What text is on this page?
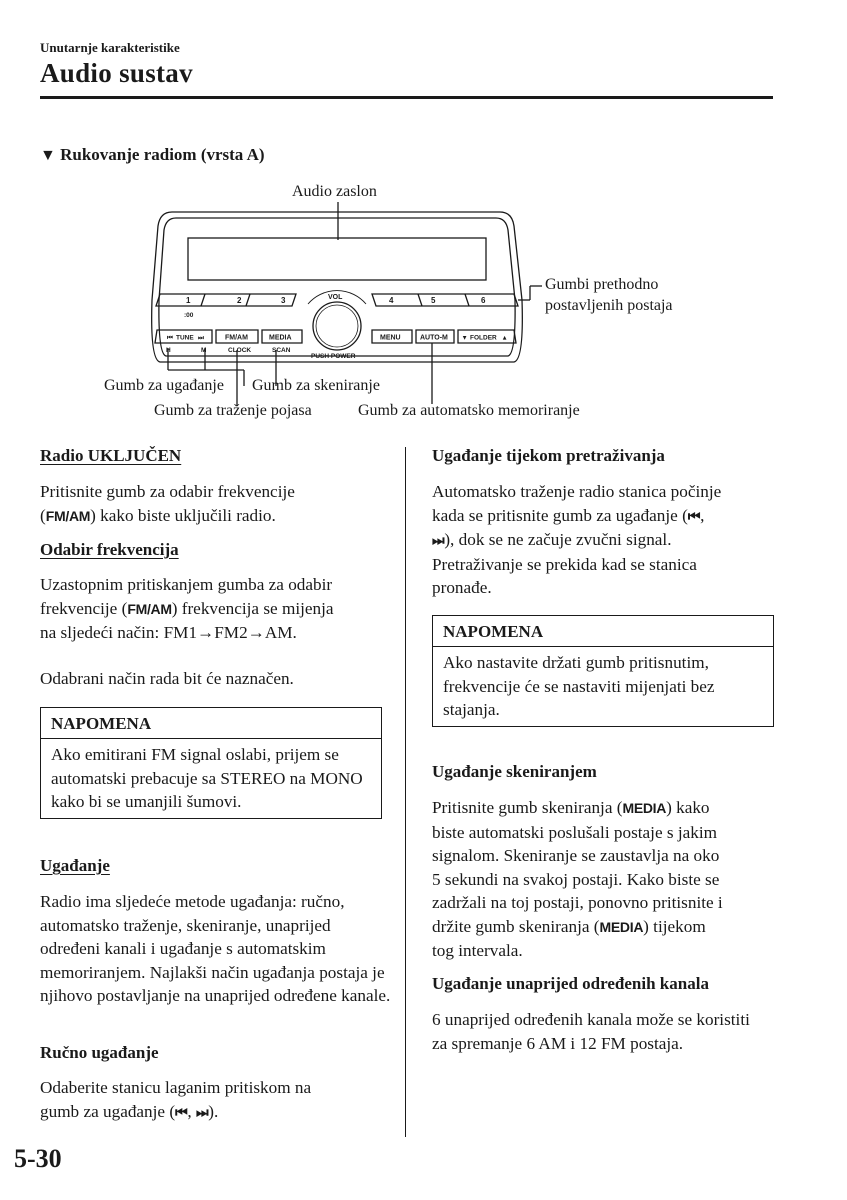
Unutarnje karakteristike
Audio sustav
▼ Rukovanje radiom (vrsta A)
Audio zaslon
Gumbi prethodno
postavljenih postaja
Gumb za ugađanje Gumb za skeniranje
Gumb za traženje pojasa	Gumb za automatsko memoriranje
1	2	3	4	5	6
:00
VOL
PUSH POWER
⏮ TUNE ⏭	FM/AM	MEDIA	MENU	AUTO-M ▾ FOLDER ▴
H	M	CLOCK	SCAN
Radio UKLJUČEN
Pritisnite gumb za odabir frekvencije
(FM/AM) kako biste uključili radio.
Odabir frekvencija
Uzastopnim pritiskanjem gumba za odabir
frekvencije (FM/AM) frekvencija se mijenja
na sljedeći način: FM1→FM2→AM.
Odabrani način rada bit će naznačen.
NAPOMENA
Ako emitirani FM signal oslabi, prijem se automatski prebacuje sa STEREO na MONO kako bi se umanjili šumovi.
Ugađanje
Radio ima sljedeće metode ugađanja: ručno, automatsko traženje, skeniranje, unaprijed određeni kanali i ugađanje s automatskim memoriranjem. Najlakši način ugađanja postaja je njihovo postavljanje na unaprijed određene kanale.
Ručno ugađanje
Odaberite stanicu laganim pritiskom na
gumb za ugađanje (⏮, ⏭).
Ugađanje tijekom pretraživanja
Automatsko traženje radio stanica počinje
kada se pritisnite gumb za ugađanje (⏮,
⏭), dok se ne začuje zvučni signal.
Pretraživanje se prekida kad se stanica
pronađe.
NAPOMENA
Ako nastavite držati gumb pritisnutim, frekvencije će se nastaviti mijenjati bez stajanja.
Ugađanje skeniranjem
Pritisnite gumb skeniranja (MEDIA) kako
biste automatski poslušali postaje s jakim
signalom. Skeniranje se zaustavlja na oko
5 sekundi na svakoj postaji. Kako biste se
zadržali na toj postaji, ponovno pritisnite i
držite gumb skeniranja (MEDIA) tijekom
tog intervala.
Ugađanje unaprijed određenih kanala
6 unaprijed određenih kanala može se koristiti za spremanje 6 AM i 12 FM postaja.
5-30
